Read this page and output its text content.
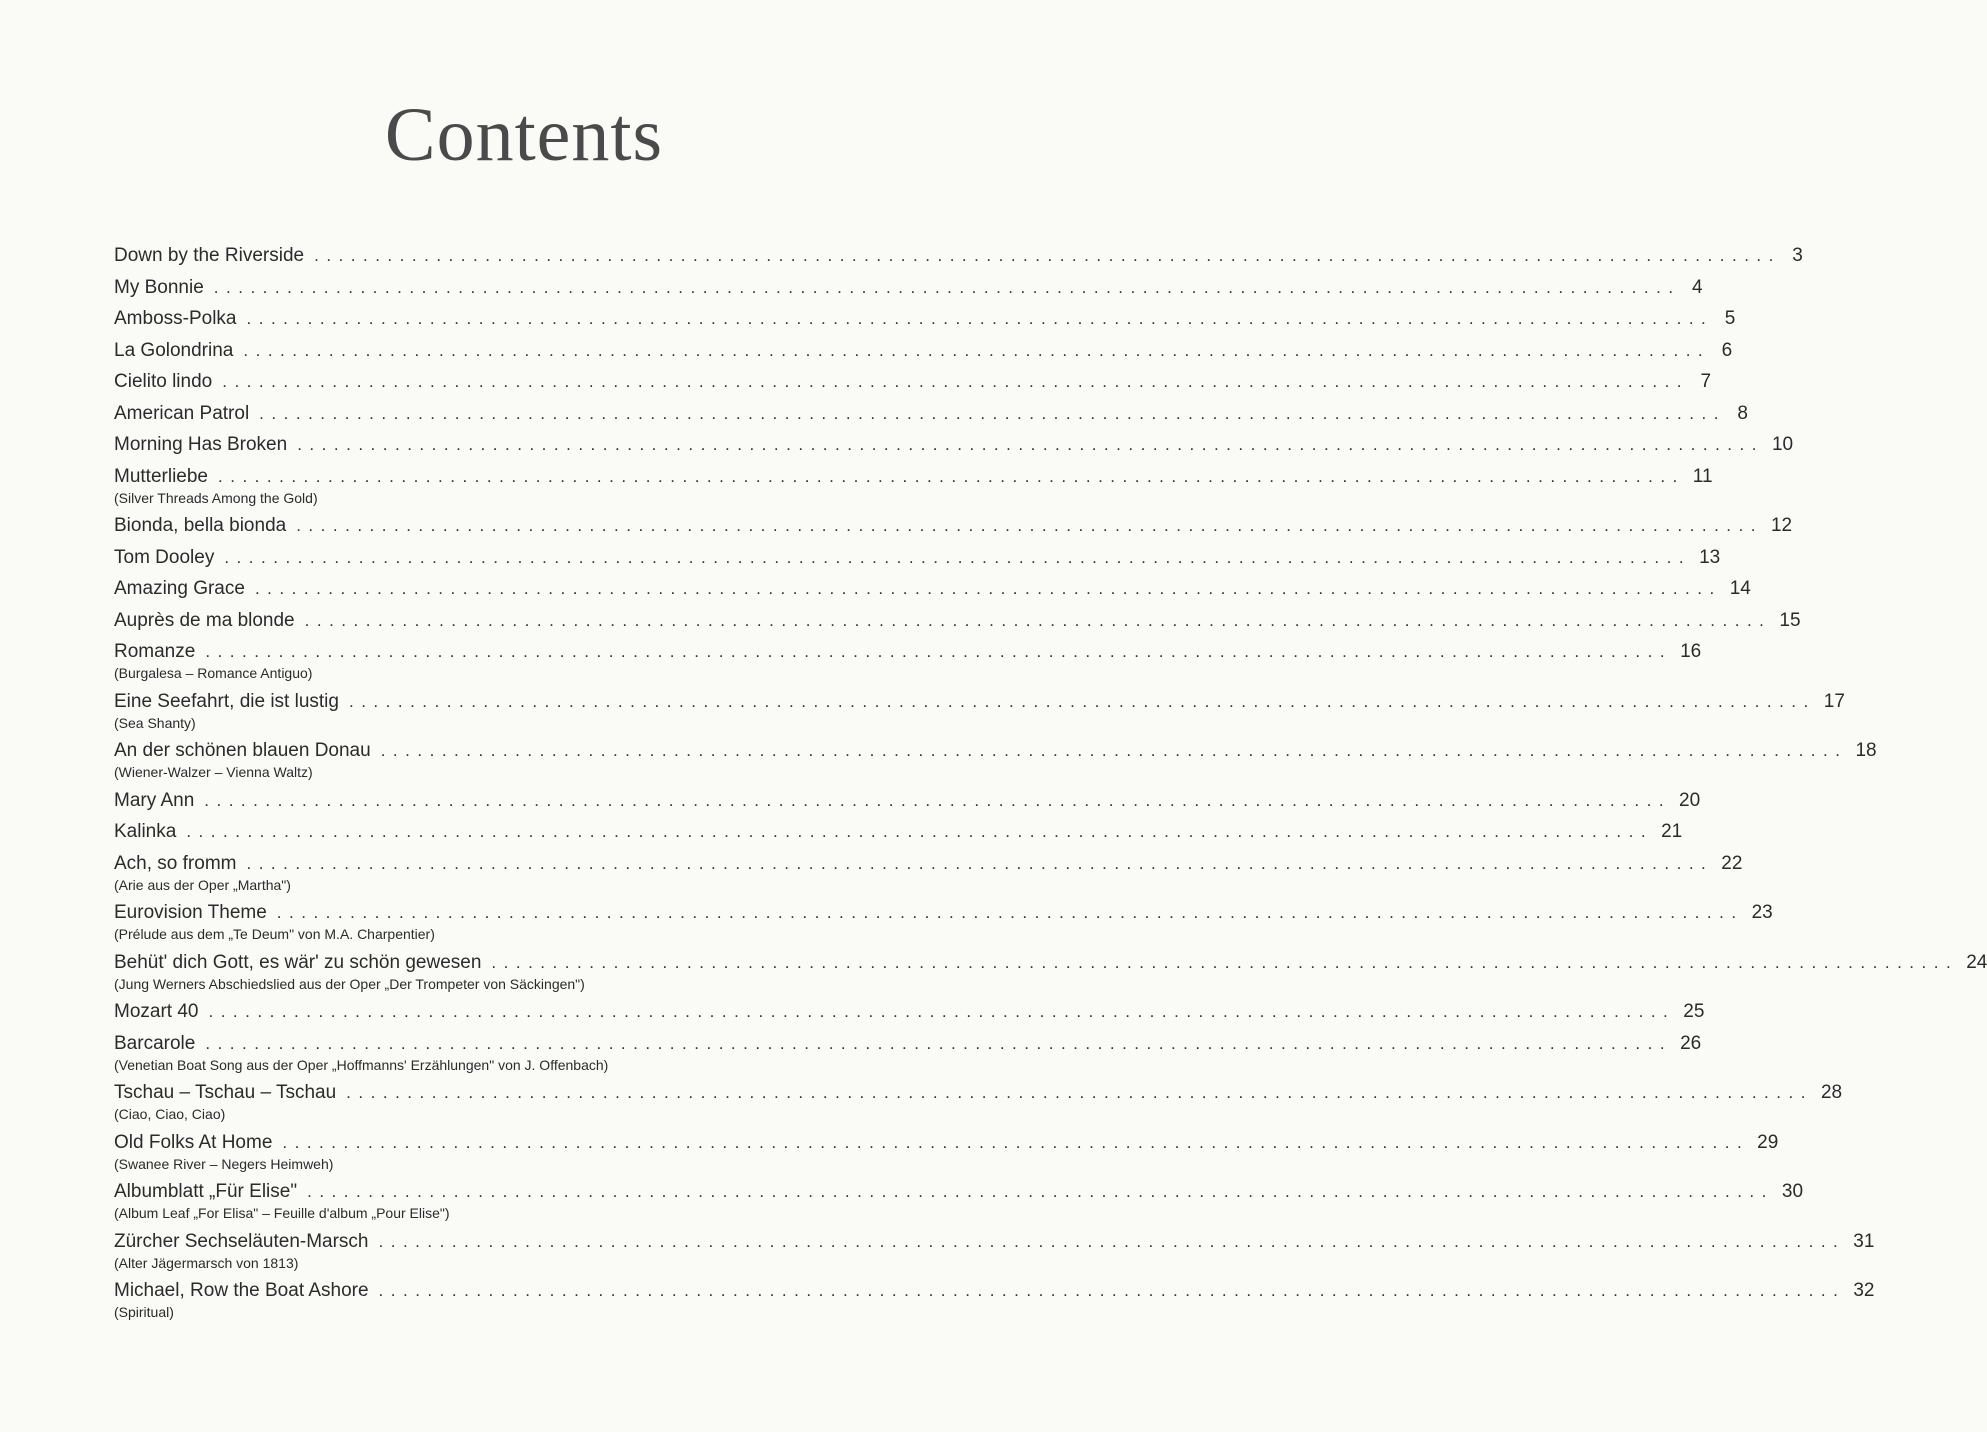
Contents
Down by the Riverside ........................................................................................................................ 3
My Bonnie ........................................................................................................................ 4
Amboss-Polka ........................................................................................................................ 5
La Golondrina ........................................................................................................................ 6
Cielito lindo ........................................................................................................................ 7
American Patrol ........................................................................................................................ 8
Morning Has Broken ........................................................................................................................ 10
Mutterliebe ........................................................................................................................ 11
(Silver Threads Among the Gold)
Bionda, bella bionda ........................................................................................................................ 12
Tom Dooley ........................................................................................................................ 13
Amazing Grace ........................................................................................................................ 14
Auprès de ma blonde ........................................................................................................................ 15
Romanze ........................................................................................................................ 16
(Burgalesa – Romance Antiguo)
Eine Seefahrt, die ist lustig ........................................................................................................................ 17
(Sea Shanty)
An der schönen blauen Donau ........................................................................................................................ 18
(Wiener-Walzer – Vienna Waltz)
Mary Ann ........................................................................................................................ 20
Kalinka ........................................................................................................................ 21
Ach, so fromm ........................................................................................................................ 22
(Arie aus der Oper „Martha")
Eurovision Theme ........................................................................................................................ 23
(Prélude aus dem „Te Deum" von M.A. Charpentier)
Behüt' dich Gott, es wär' zu schön gewesen ........................................................................................................................ 24
(Jung Werners Abschiedslied aus der Oper „Der Trompeter von Säckingen")
Mozart 40 ........................................................................................................................ 25
Barcarole ........................................................................................................................ 26
(Venetian Boat Song aus der Oper „Hoffmanns' Erzählungen" von J. Offenbach)
Tschau – Tschau – Tschau ........................................................................................................................ 28
(Ciao, Ciao, Ciao)
Old Folks At Home ........................................................................................................................ 29
(Swanee River – Negers Heimweh)
Albumblatt „Für Elise" ........................................................................................................................ 30
(Album Leaf „For Elisa" – Feuille d'album „Pour Elise")
Zürcher Sechseläuten-Marsch ........................................................................................................................ 31
(Alter Jägermarsch von 1813)
Michael, Row the Boat Ashore ........................................................................................................................ 32
(Spiritual)
